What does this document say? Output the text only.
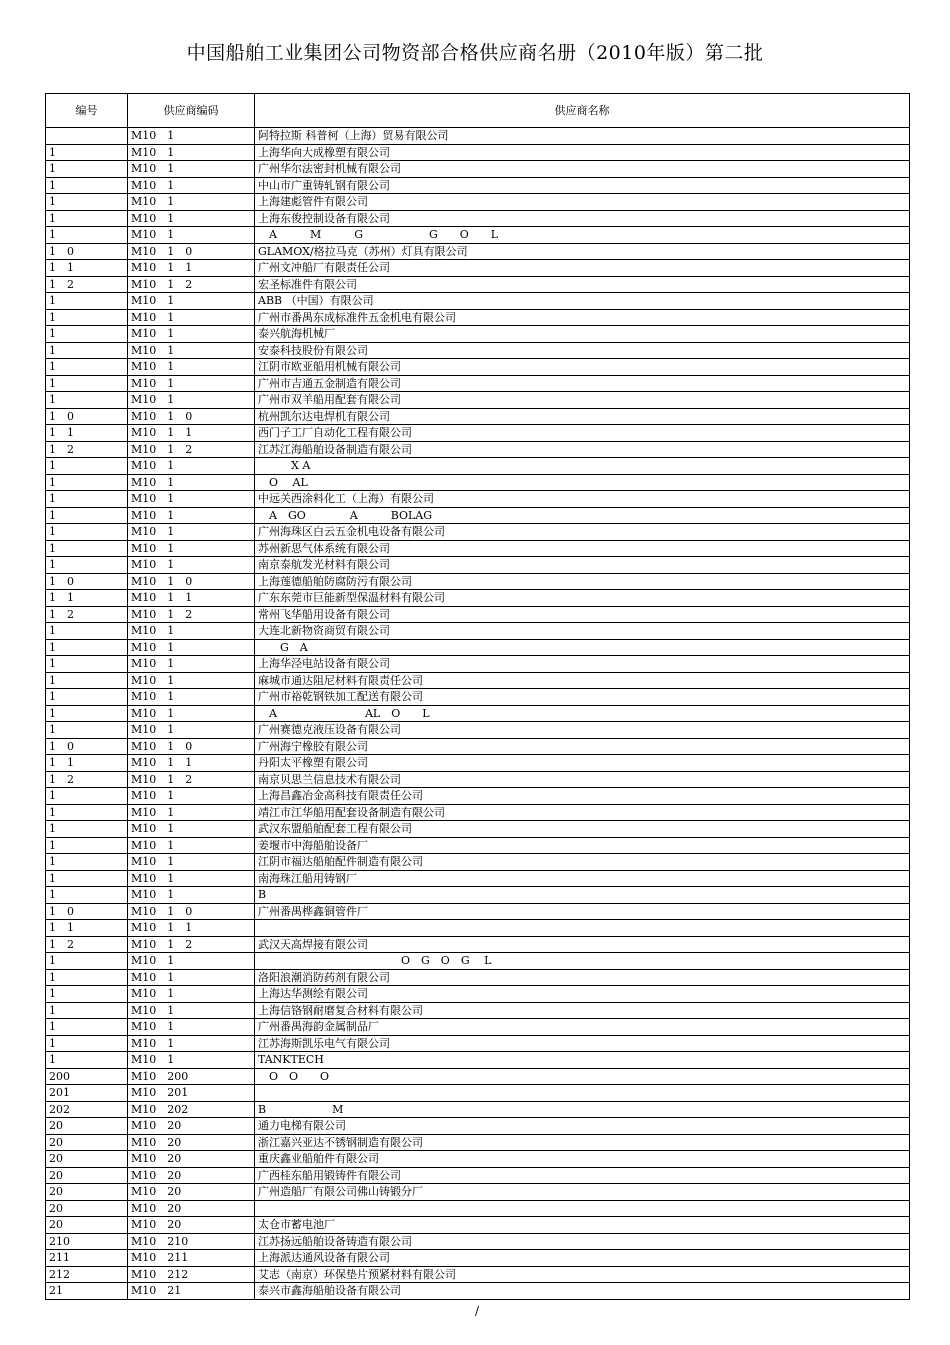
中国船舶工业集团公司物资部合格供应商名册（2010年版）第二批
编号	供应商编码	供应商名称
	M10　1	阿特拉斯 科普柯（上海）贸易有限公司
1	M10　1	上海华向大成橡塑有限公司
1	M10　1	广州华尔法密封机械有限公司
1	M10　1	中山市广重铸轧钢有限公司
1	M10　1	上海建彪管件有限公司
1	M10　1	上海东俊控制设备有限公司
1	M10　1	　A　　　M　　　G　　　　　　G　　O　　L
1　0	M10　1　0	GLAMOX/格拉马克（苏州）灯具有限公司
1　1	M10　1　1	广州文冲船厂有限责任公司
1　2	M10　1　2	宏圣标准件有限公司
1	M10　1	ABB （中国）有限公司
1	M10　1	广州市番禺东成标准件五金机电有限公司
1	M10　1	泰兴航海机械厂
1	M10　1	安泰科技股份有限公司
1	M10　1	江阴市欧亚船用机械有限公司
1	M10　1	广州市吉通五金制造有限公司
1	M10　1	广州市双羊船用配套有限公司
1　0	M10　1　0	杭州凯尔达电焊机有限公司
1　1	M10　1　1	西门子工厂自动化工程有限公司
1　2	M10　1　2	江苏江海船舶设备制造有限公司
1	M10　1	　　　X A
1	M10　1	　O　 AL
1	M10　1	中远关西涂料化工（上海）有限公司
1	M10　1	　A　GO　　　　A　　　BOLAG
1	M10　1	广州海珠区白云五金机电设备有限公司
1	M10　1	苏州新思气体系统有限公司
1	M10　1	南京泰航发光材料有限公司
1　0	M10　1　0	上海莲德船舶防腐防污有限公司
1　1	M10　1　1	广东东莞市巨能新型保温材料有限公司
1　2	M10　1　2	常州飞华船用设备有限公司
1	M10　1	大连北新物资商贸有限公司
1	M10　1	　　G　A
1	M10　1	上海华泾电站设备有限公司
1	M10　1	麻城市通达阻尼材料有限责任公司
1	M10　1	广州市裕乾钢铁加工配送有限公司
1	M10　1	　A　　　　　　　　AL　O　　L
1	M10　1	广州赛德克液压设备有限公司
1　0	M10　1　0	广州海宁橡胶有限公司
1　1	M10　1　1	丹阳太平橡塑有限公司
1　2	M10　1　2	南京贝思兰信息技术有限公司
1	M10　1	上海昌鑫冶金高科技有限责任公司
1	M10　1	靖江市江华船用配套设备制造有限公司
1	M10　1	武汉东盟船舶配套工程有限公司
1	M10　1	姜堰市中海船舶设备厂
1	M10　1	江阴市福达船舶配件制造有限公司
1	M10　1	南海珠江船用铸钢厂
1	M10　1	B
1　0	M10　1　0	广州番禺桦鑫铜管件厂
1　1	M10　1　1	
1　2	M10　1　2	武汉天高焊接有限公司
1	M10　1	　　　　　　　　　　　　　O　G　O　G　 L
1	M10　1	洛阳浪潮消防药剂有限公司
1	M10　1	上海达华测绘有限公司
1	M10　1	上海信铬钢耐磨复合材料有限公司
1	M10　1	广州番禺海韵金属制品厂
1	M10　1	江苏海斯凯乐电气有限公司
1	M10　1	TANKTECH
200	M10　200	　O　O　　O
201	M10　201	
202	M10　202	B　　　　　　M
20	M10　20	通力电梯有限公司
20	M10　20	浙江嘉兴亚达不锈钢制造有限公司
20	M10　20	重庆鑫业船舶件有限公司
20	M10　20	广西桂东船用锻铸件有限公司
20	M10　20	广州造船厂有限公司佛山铸锻分厂
20	M10　20	
20	M10　20	太仓市蓄电池厂
210	M10　210	江苏扬远船舶设备铸造有限公司
211	M10　211	上海派达通风设备有限公司
212	M10　212	艾志（南京）环保垫片预紧材料有限公司
21	M10　21	泰兴市鑫海船舶设备有限公司
/
